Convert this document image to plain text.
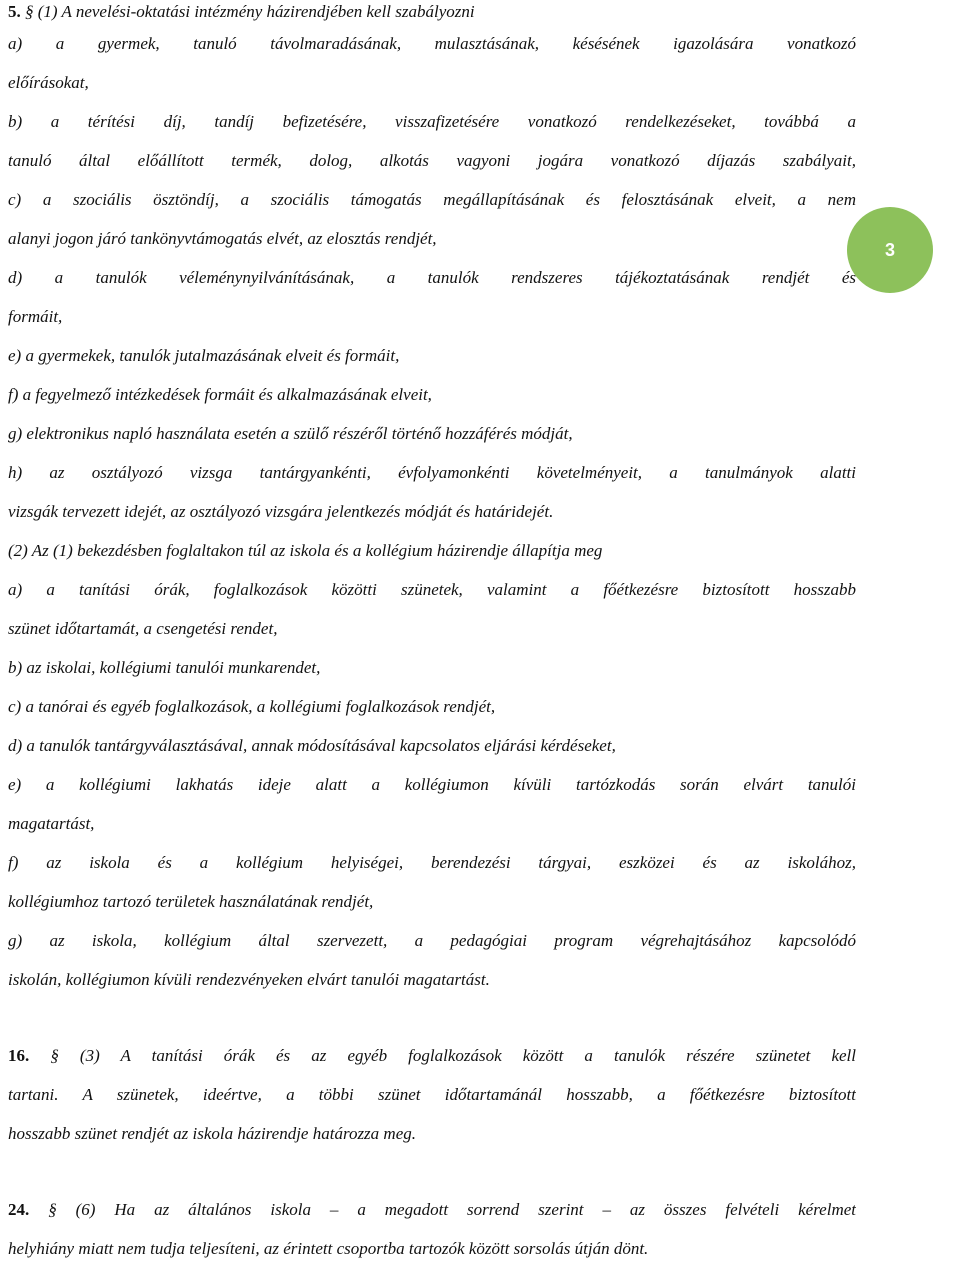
5. § (1) A nevelési-oktatási intézmény házirendjében kell szabályozni
a) a gyermek, tanuló távolmaradásának, mulasztásának, késésének igazolására vonatkozó
előírásokat,
b) a térítési díj, tandíj befizetésére, visszafizetésére vonatkozó rendelkezéseket, továbbá a
tanuló által előállított termék, dolog, alkotás vagyoni jogára vonatkozó díjazás szabályait,
c) a szociális ösztöndíj, a szociális támogatás megállapításának és felosztásának elveit, a nem
alanyi jogon járó tankönyvtámogatás elvét, az elosztás rendjét,
d) a tanulók véleménynyilvánításának, a tanulók rendszeres tájékoztatásának rendjét és
formáit,
e) a gyermekek, tanulók jutalmazásának elveit és formáit,
f) a fegyelmező intézkedések formáit és alkalmazásának elveit,
g) elektronikus napló használata esetén a szülő részéről történő hozzáférés módját,
h) az osztályozó vizsga tantárgyankénti, évfolyamonkénti követelményeit, a tanulmányok alatti
vizsgák tervezett idejét, az osztályozó vizsgára jelentkezés módját és határidejét.
(2) Az (1) bekezdésben foglaltakon túl az iskola és a kollégium házirendje állapítja meg
a) a tanítási órák, foglalkozások közötti szünetek, valamint a főétkezésre biztosított hosszabb
szünet időtartamát, a csengetési rendet,
b) az iskolai, kollégiumi tanulói munkarendet,
c) a tanórai és egyéb foglalkozások, a kollégiumi foglalkozások rendjét,
d) a tanulók tantárgyválasztásával, annak módosításával kapcsolatos eljárási kérdéseket,
e) a kollégiumi lakhatás ideje alatt a kollégiumon kívüli tartózkodás során elvárt tanulói
magatartást,
f) az iskola és a kollégium helyiségei, berendezési tárgyai, eszközei és az iskolához,
kollégiumhoz tartozó területek használatának rendjét,
g) az iskola, kollégium által szervezett, a pedagógiai program végrehajtásához kapcsolódó
iskolán, kollégiumon kívüli rendezvényeken elvárt tanulói magatartást.
16. § (3) A tanítási órák és az egyéb foglalkozások között a tanulók részére szünetet kell
tartani. A szünetek, ideértve, a többi szünet időtartamánál hosszabb, a főétkezésre biztosított
hosszabb szünet rendjét az iskola házirendje határozza meg.
24. § (6) Ha az általános iskola – a megadott sorrend szerint – az összes felvételi kérelmet
helyhiány miatt nem tudja teljesíteni, az érintett csoportba tartozók között sorsolás útján dönt.
3
